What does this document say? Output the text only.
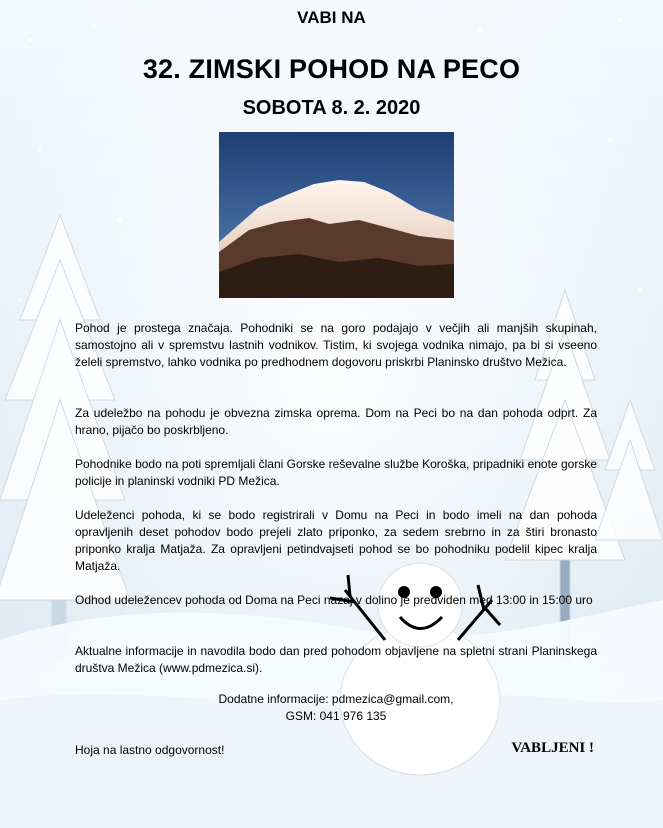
VABI NA
32. ZIMSKI POHOD NA PECO
SOBOTA 8. 2. 2020

Pohod je prostega značaja. Pohodniki se na goro podajajo v večjih ali manjših skupinah, samostojno ali v spremstvu lastnih vodnikov. Tistim, ki svojega vodnika nimajo, pa bi si vseeno želeli spremstvo, lahko vodnika po predhodnem dogovoru priskrbi Planinsko društvo Mežica.

Za udeležbo na pohodu je obvezna zimska oprema. Dom na Peci bo na dan pohoda odprt. Za hrano, pijačo bo poskrbljeno.

Pohodnike bodo na poti spremljali člani Gorske reševalne službe Koroška, pripadniki enote gorske policije in planinski vodniki PD Mežica.

Udeleženci pohoda, ki se bodo registrirali v Domu na Peci in bodo imeli na dan pohoda opravljenih deset pohodov bodo prejeli zlato priponko, za sedem srebrno in za štiri bronasto priponko kralja Matjaža. Za opravljeni petindvajseti pohod se bo pohodniku podelil kipec kralja Matjaža.

Odhod udeležencev pohoda od Doma na Peci nazaj v dolino je predviden med 13:00 in 15:00 uro

Aktualne informacije in navodila bodo dan pred pohodom objavljene na spletni strani Planinskega društva Mežica (www.pdmezica.si).

Dodatne informacije: pdmezica@gmail.com,
GSM: 041 976 135
Hoja na lastno odgovornost!	VABLJENI !
